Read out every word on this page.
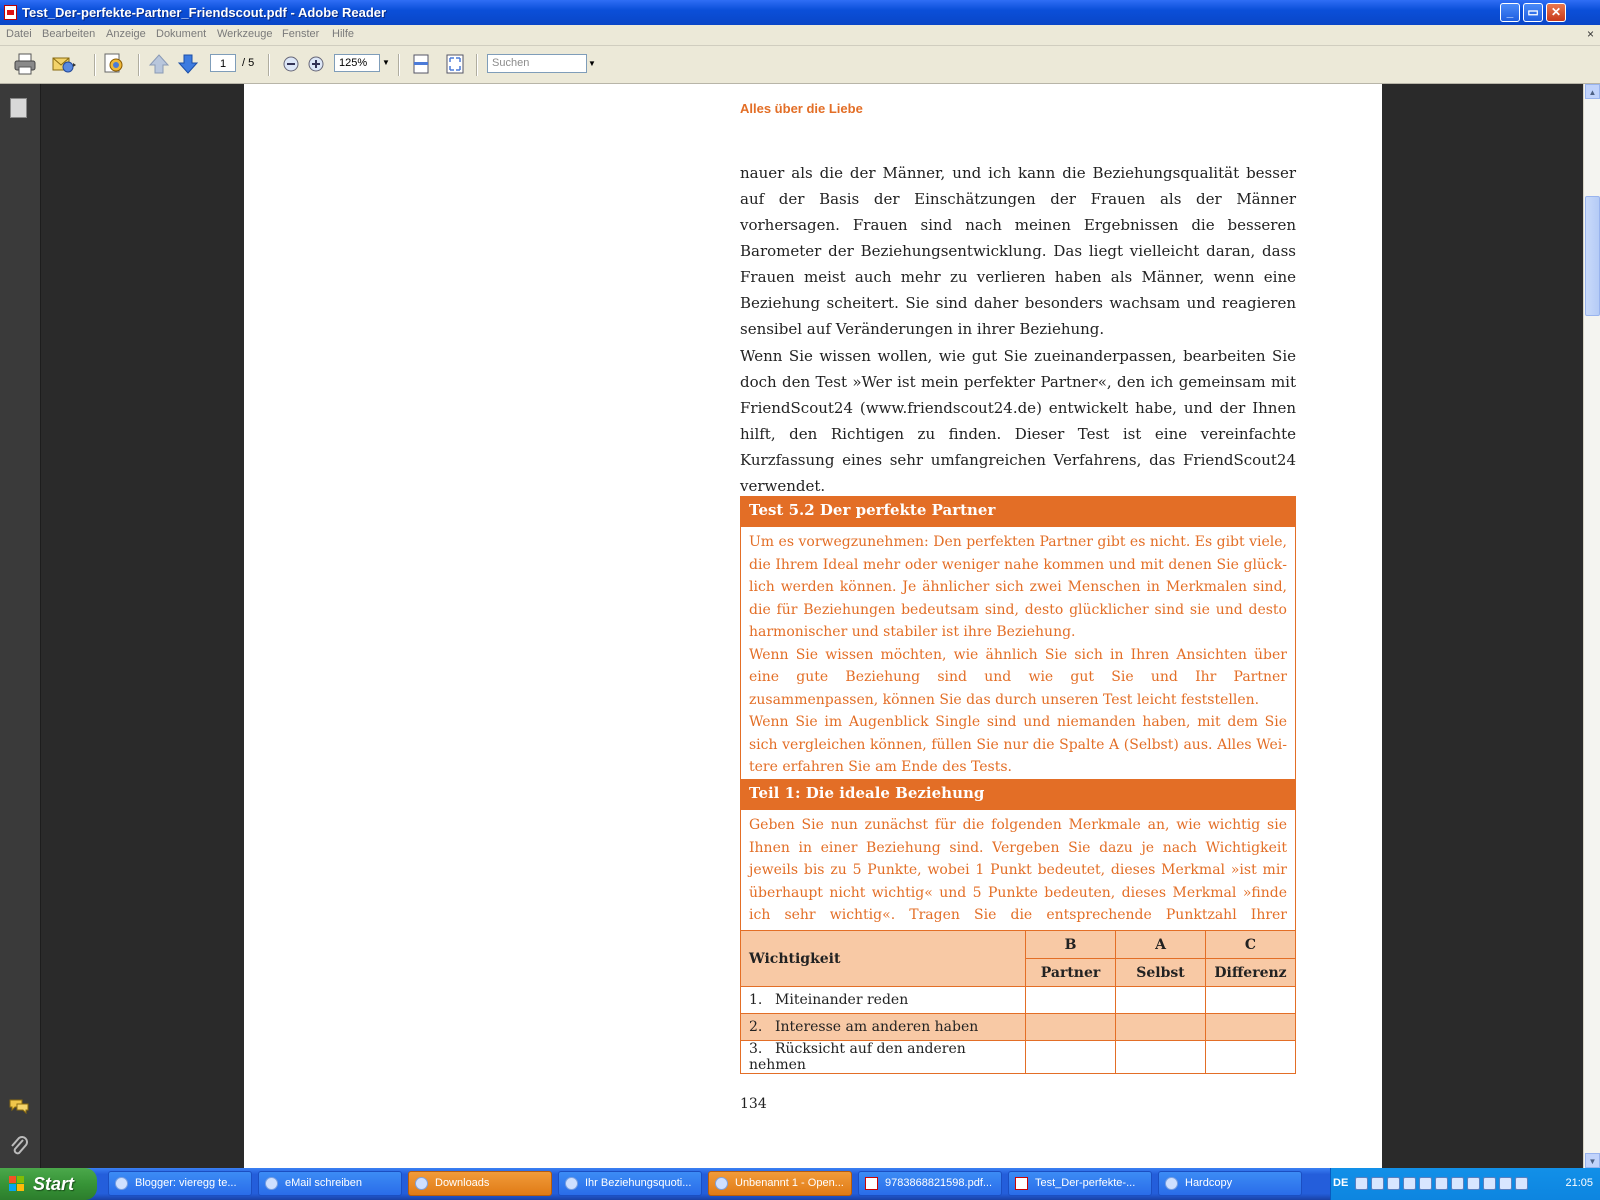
Test_Der-perfekte-Partner_Friendscout.pdf - Adobe Reader	_	▭	✕
Datei Bearbeiten Anzeige Dokument Werkzeuge Fenster Hilfe	×
1	/ 5	125%	▼	Suchen	▼
Alles über die Liebe
nauer als die der Männer, und ich kann die Beziehungsqualität besser auf der Basis der Einschätzungen der Frauen als der Männer vorhersagen. Frauen sind nach meinen Ergebnissen die besseren Barometer der Beziehungsentwicklung. Das liegt vielleicht daran, dass Frauen meist auch mehr zu verlieren haben als Männer, wenn eine Beziehung scheitert. Sie sind daher besonders wachsam und reagieren sensibel auf Veränderungen in ihrer Beziehung.
Wenn Sie wissen wollen, wie gut Sie zueinanderpassen, bearbeiten Sie doch den Test »Wer ist mein perfekter Partner«, den ich gemeinsam mit FriendScout24 (www.friendscout24.de) entwickelt habe, und der Ihnen hilft, den Richtigen zu finden. Dieser Test ist eine vereinfachte Kurzfassung eines sehr umfangreichen Verfahrens, das FriendScout24 verwendet.
Test 5.2 Der perfekte Partner

Um es vorwegzunehmen: Den perfekten Partner gibt es nicht. Es gibt viele, die Ihrem Ideal mehr oder weniger nahe kommen und mit denen Sie glücklich werden können. Je ähnlicher sich zwei Menschen in Merkmalen sind, die für Beziehungen bedeutsam sind, desto glücklicher sind sie und desto harmonischer und stabiler ist ihre Beziehung.

Wenn Sie wissen möchten, wie ähnlich Sie sich in Ihren Ansichten über eine gute Beziehung sind und wie gut Sie und Ihr Partner zusammenpassen, können Sie das durch unseren Test leicht feststellen.

Wenn Sie im Augenblick Single sind und niemanden haben, mit dem Sie sich vergleichen können, füllen Sie nur die Spalte A (Selbst) aus. Alles Weitere erfahren Sie am Ende des Tests.

Teil 1: Die ideale Beziehung
Geben Sie nun zunächst für die folgenden Merkmale an, wie wichtig sie Ihnen in einer Beziehung sind. Vergeben Sie dazu je nach Wichtigkeit jeweils bis zu 5 Punkte, wobei 1 Punkt bedeutet, dieses Merkmal »ist mir überhaupt nicht wichtig« und 5 Punkte bedeuten, dieses Merkmal »finde ich sehr wichtig«. Tragen Sie die entsprechende Punktzahl Ihrer
Wichtigkeit	B	A	C
	Partner	Selbst	Differenz
1. Miteinander reden			
2. Interesse am anderen haben			
3. Rücksicht auf den anderen nehmen			
134
▲
▼
Start	Blogger: vieregg te...	eMail schreiben	Downloads	Ihr Beziehungsquoti...	Unbenannt 1 - Open...	9783868821598.pdf...	Test_Der-perfekte-...	Hardcopy	DE	21:05
